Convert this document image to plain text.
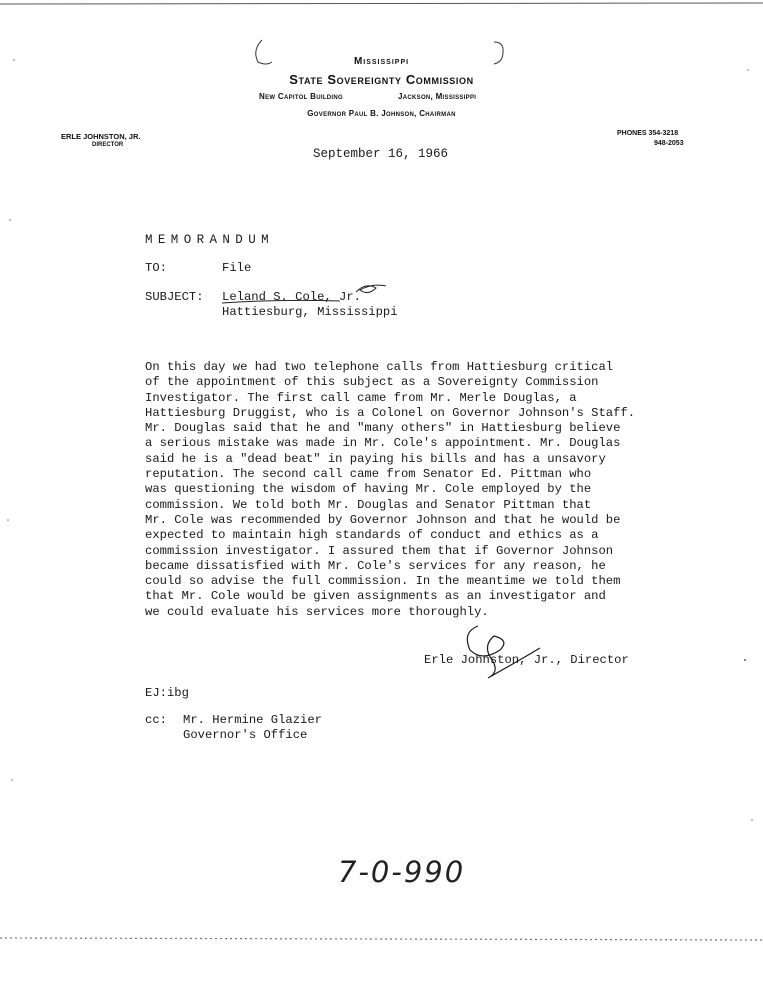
Mississippi
State Sovereignty Commission
New Capitol Building	Jackson, Mississippi
Governor Paul B. Johnson, Chairman
ERLE JOHNSTON, JR.
DIRECTOR
PHONES 354-3218
948-2053
September 16, 1966
MEMORANDUM
TO:	File
SUBJECT: Leland S. Cole, Jr.
Hattiesburg, Mississippi
On this day we had two telephone calls from Hattiesburg critical
of the appointment of this subject as a Sovereignty Commission
Investigator. The first call came from Mr. Merle Douglas, a
Hattiesburg Druggist, who is a Colonel on Governor Johnson's Staff.
Mr. Douglas said that he and "many others" in Hattiesburg believe
a serious mistake was made in Mr. Cole's appointment. Mr. Douglas
said he is a "dead beat" in paying his bills and has a unsavory
reputation. The second call came from Senator Ed. Pittman who
was questioning the wisdom of having Mr. Cole employed by the
commission. We told both Mr. Douglas and Senator Pittman that
Mr. Cole was recommended by Governor Johnson and that he would be
expected to maintain high standards of conduct and ethics as a
commission investigator. I assured them that if Governor Johnson
became dissatisfied with Mr. Cole's services for any reason, he
could so advise the full commission. In the meantime we told them
that Mr. Cole would be given assignments as an investigator and
we could evaluate his services more thoroughly.
Erle Johnston, Jr., Director
EJ:ibg
cc: Mr. Hermine Glazier
Governor's Office
7-0-990
